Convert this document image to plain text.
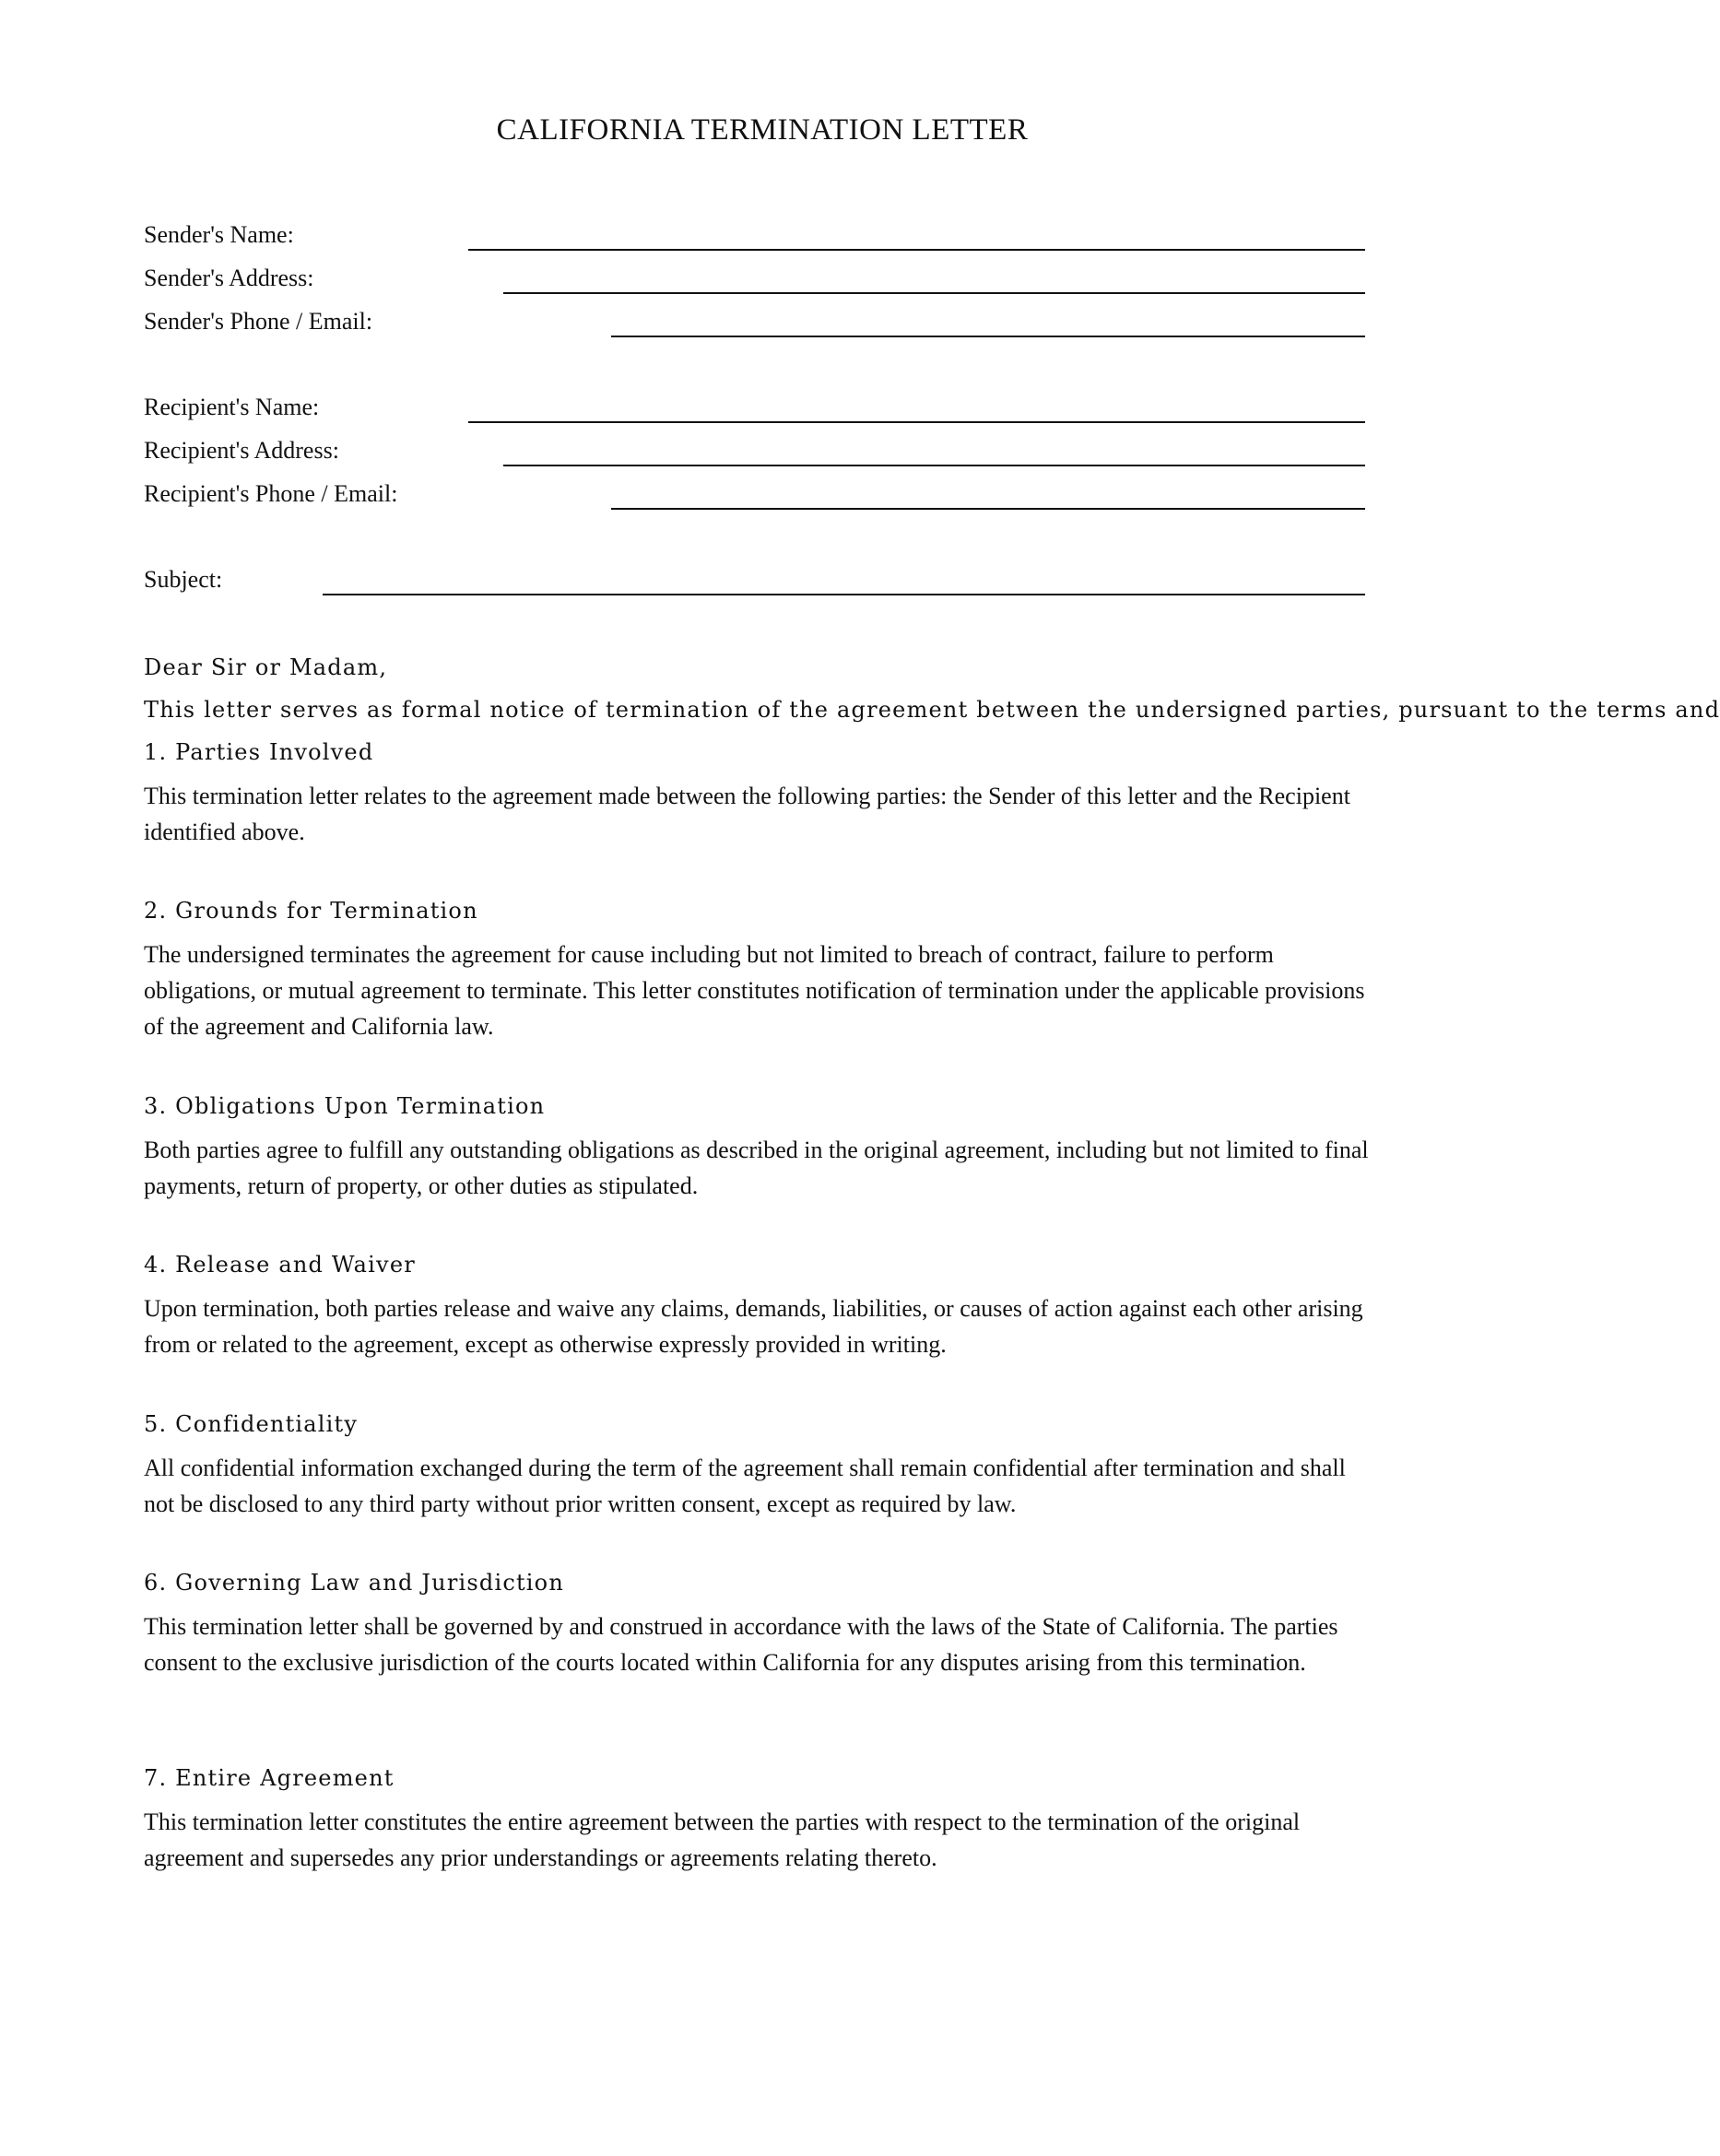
CALIFORNIA TERMINATION LETTER
Sender's Name:
Sender's Address:
Sender's Phone / Email:
Recipient's Name:
Recipient's Address:
Recipient's Phone / Email:
Subject:
Dear Sir or Madam,
This letter serves as formal notice of termination of the agreement between the undersigned parties, pursuant to the terms and
1. Parties Involved

This termination letter relates to the agreement made between the following parties: the Sender of this letter and the Recipient identified above.

2. Grounds for Termination

The undersigned terminates the agreement for cause including but not limited to breach of contract, failure to perform obligations, or mutual agreement to terminate. This letter constitutes notification of termination under the applicable provisions of the agreement and California law.

3. Obligations Upon Termination

Both parties agree to fulfill any outstanding obligations as described in the original agreement, including but not limited to final payments, return of property, or other duties as stipulated.

4. Release and Waiver

Upon termination, both parties release and waive any claims, demands, liabilities, or causes of action against each other arising from or related to the agreement, except as otherwise expressly provided in writing.

5. Confidentiality

All confidential information exchanged during the term of the agreement shall remain confidential after termination and shall not be disclosed to any third party without prior written consent, except as required by law.

6. Governing Law and Jurisdiction

This termination letter shall be governed by and construed in accordance with the laws of the State of California. The parties consent to the exclusive jurisdiction of the courts located within California for any disputes arising from this termination.

7. Entire Agreement

This termination letter constitutes the entire agreement between the parties with respect to the termination of the original agreement and supersedes any prior understandings or agreements relating thereto.
